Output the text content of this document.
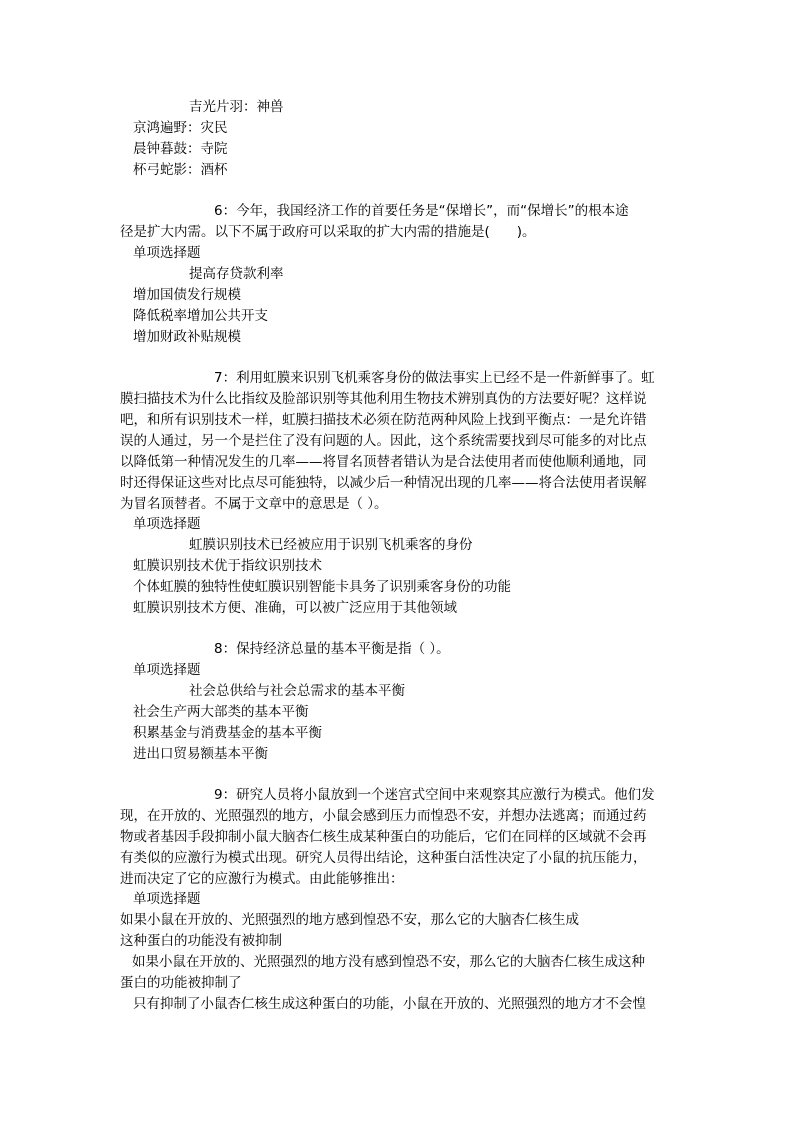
吉光片羽：神兽
京鸿遍野：灾民
晨钟暮鼓：寺院
杯弓蛇影：酒杯
6：今年，我国经济工作的首要任务是“保增长”，而“保增长”的根本途
径是扩大内需。以下不属于政府可以采取的扩大内需的措施是(　　)。
单项选择题
提高存贷款利率
增加国债发行规模
降低税率增加公共开支
增加财政补贴规模
7：利用虹膜来识别飞机乘客身份的做法事实上已经不是一件新鲜事了。虹
膜扫描技术为什么比指纹及脸部识别等其他利用生物技术辨别真伪的方法要好呢？这样说
吧，和所有识别技术一样，虹膜扫描技术必须在防范两种风险上找到平衡点：一是允许错
误的人通过，另一个是拦住了没有问题的人。因此，这个系统需要找到尽可能多的对比点
以降低第一种情况发生的几率——将冒名顶替者错认为是合法使用者而使他顺利通地，同
时还得保证这些对比点尽可能独特，以减少后一种情况出现的几率——将合法使用者误解
为冒名顶替者。不属于文章中的意思是（ ）。
单项选择题
虹膜识别技术已经被应用于识别飞机乘客的身份
虹膜识别技术优于指纹识别技术
个体虹膜的独特性使虹膜识别智能卡具务了识别乘客身份的功能
虹膜识别技术方便、准确，可以被广泛应用于其他领域
8：保持经济总量的基本平衡是指（ ）。
单项选择题
社会总供给与社会总需求的基本平衡
社会生产两大部类的基本平衡
积累基金与消费基金的基本平衡
进出口贸易额基本平衡
9：研究人员将小鼠放到一个迷宫式空间中来观察其应激行为模式。他们发
现，在开放的、光照强烈的地方，小鼠会感到压力而惶恐不安，并想办法逃离；而通过药
物或者基因手段抑制小鼠大脑杏仁核生成某种蛋白的功能后，它们在同样的区域就不会再
有类似的应激行为模式出现。研究人员得出结论，这种蛋白活性决定了小鼠的抗压能力，
进而决定了它的应激行为模式。由此能够推出：
单项选择题
如果小鼠在开放的、光照强烈的地方感到惶恐不安，那么它的大脑杏仁核生成
这种蛋白的功能没有被抑制
如果小鼠在开放的、光照强烈的地方没有感到惶恐不安，那么它的大脑杏仁核生成这种
蛋白的功能被抑制了
只有抑制了小鼠杏仁核生成这种蛋白的功能，小鼠在开放的、光照强烈的地方才不会惶
